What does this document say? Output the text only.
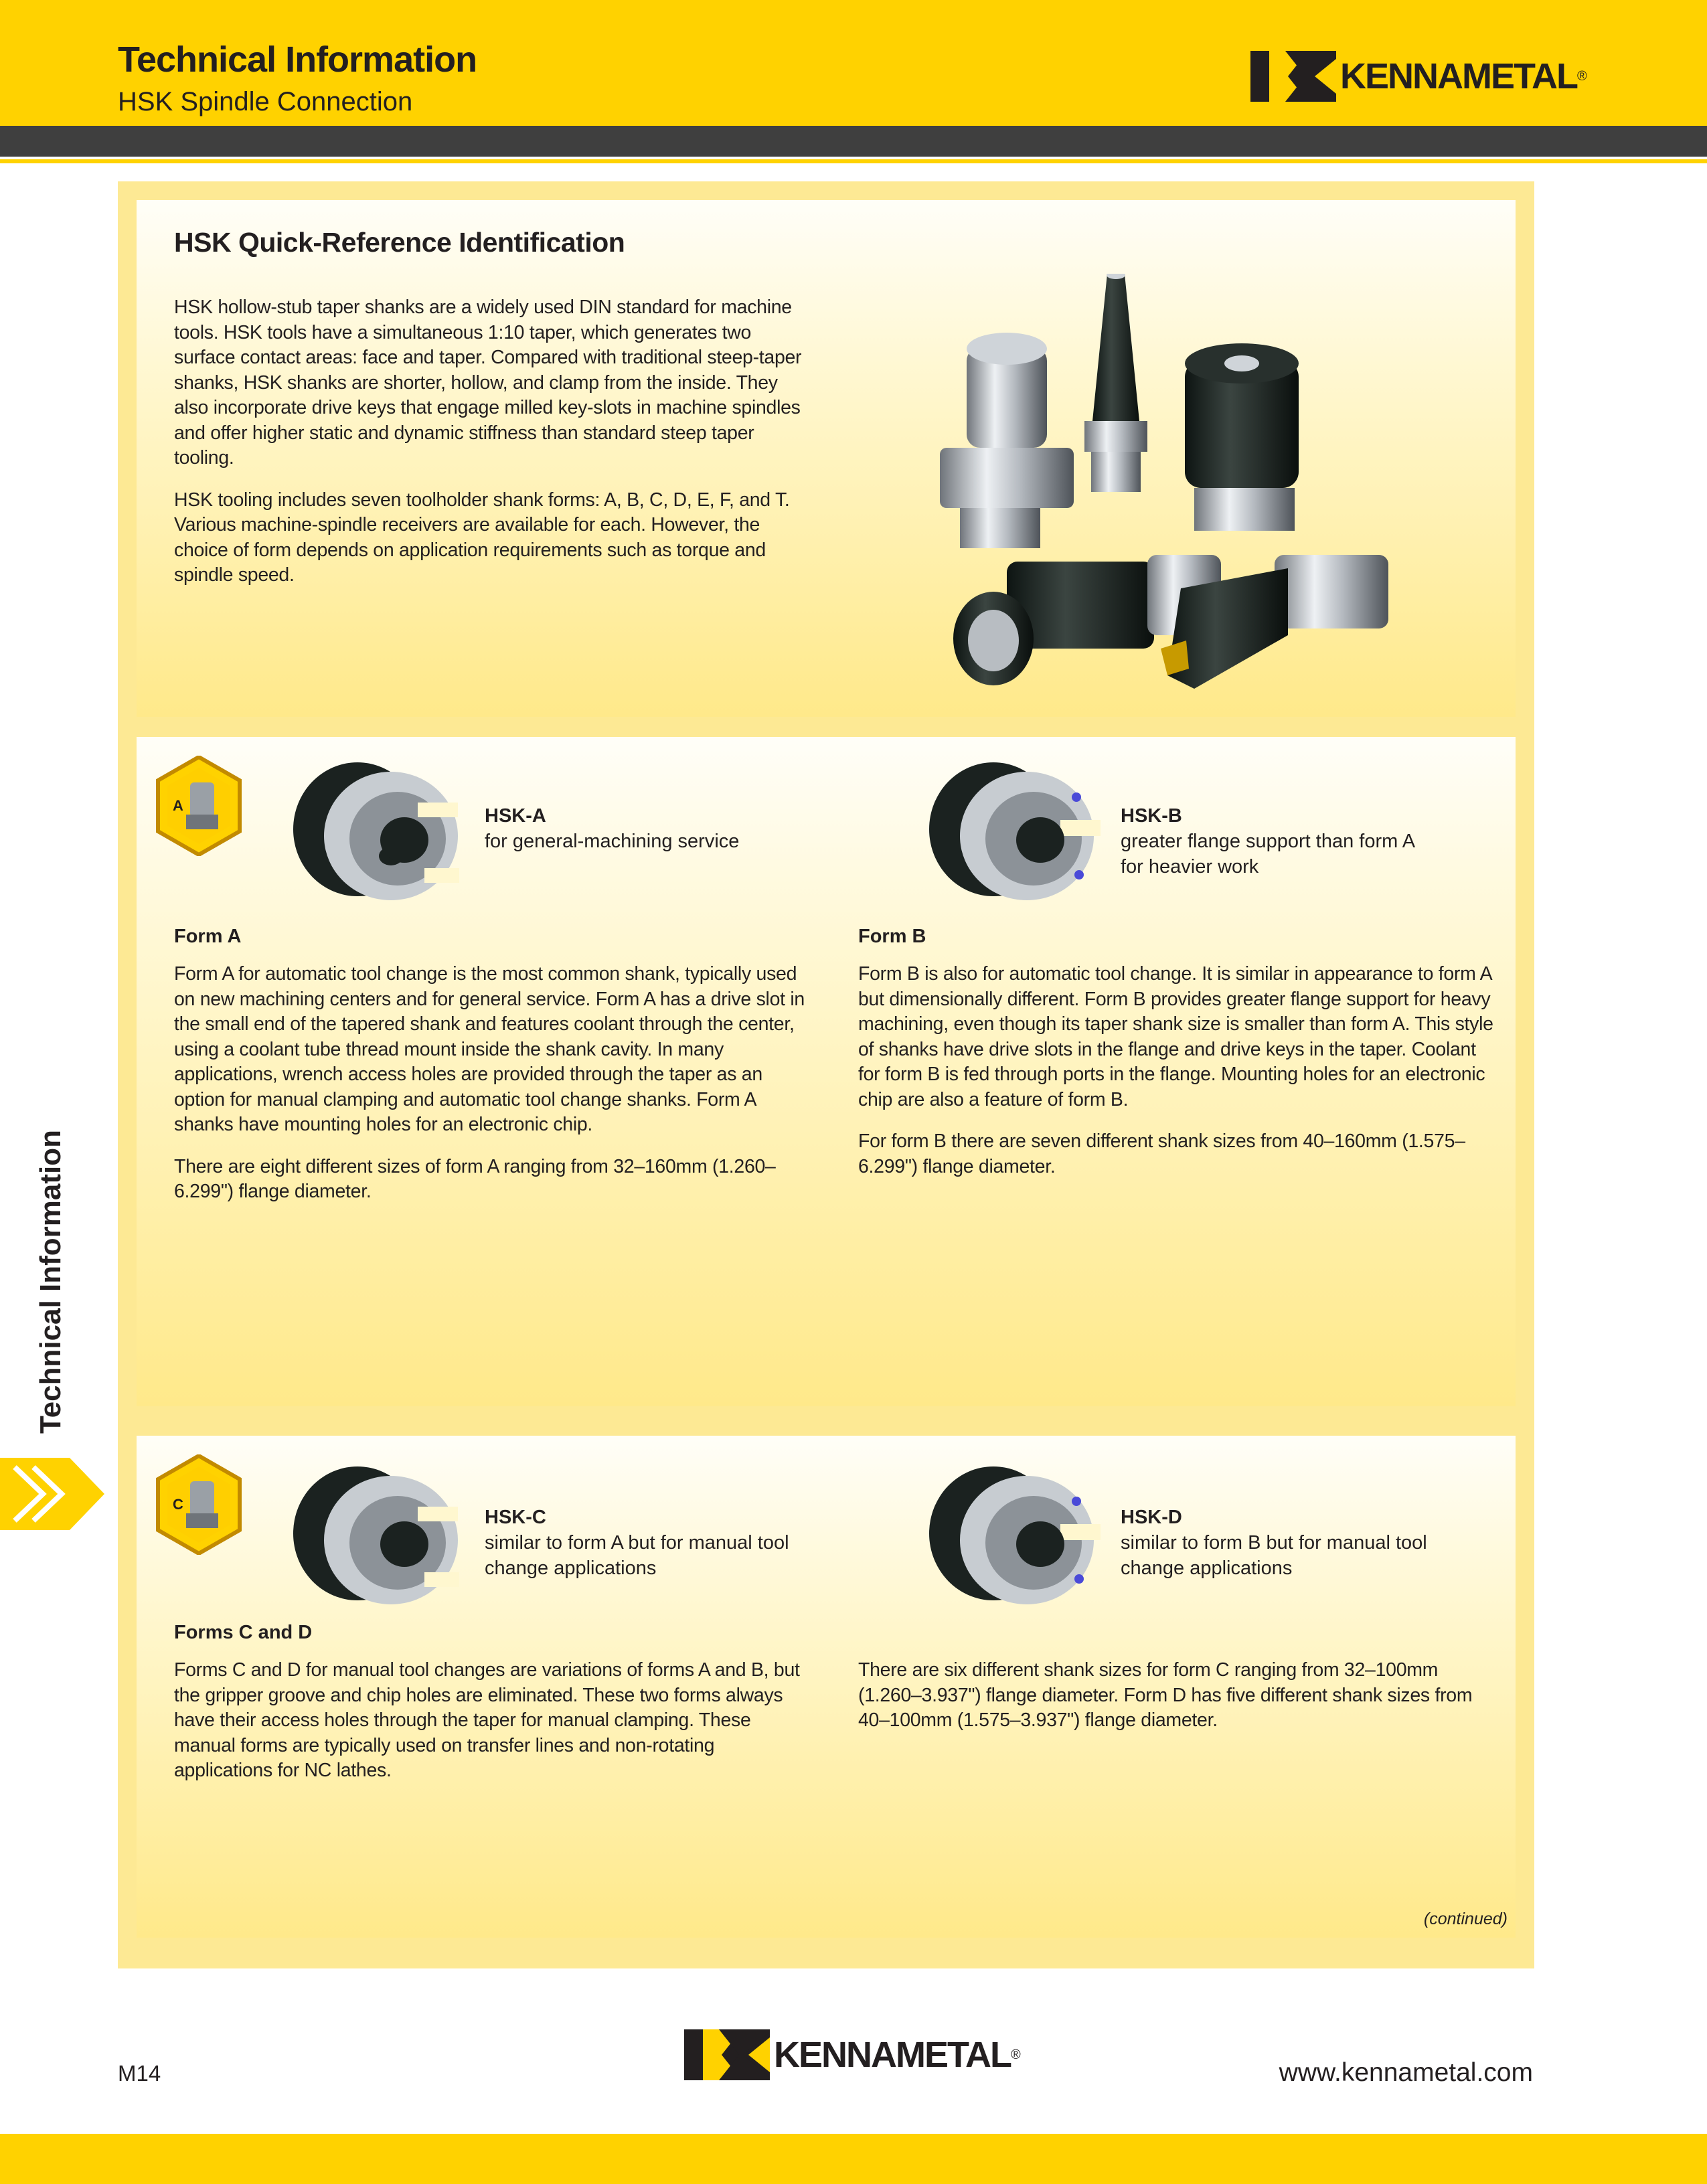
Technical Information
HSK Spindle Connection
KENNAMETAL ®
Technical Information
HSK Quick-Reference Identification

HSK hollow-stub taper shanks are a widely used DIN standard for machine tools. HSK tools have a simultaneous 1:10 taper, which generates two surface contact areas: face and taper. Compared with traditional steep-taper shanks, HSK shanks are shorter, hollow, and clamp from the inside. They also incorporate drive keys that engage milled key-slots in machine spindles and offer higher static and dynamic stiffness than standard steep taper tooling.

HSK tooling includes seven toolholder shank forms: A, B, C, D, E, F, and T. Various machine-spindle receivers are available for each. However, the choice of form depends on application requirements such as torque and spindle speed.

A	HSK-A
for general-machining service
HSK-B
greater flange support than form A
for heavier work
Form A

Form A for automatic tool change is the most common shank, typically used on new machining centers and for general service. Form A has a drive slot in the small end of the tapered shank and features coolant through the center, using a coolant tube thread mount inside the shank cavity. In many applications, wrench access holes are provided through the taper as an option for manual clamping and automatic tool change shanks. Form A shanks have mounting holes for an electronic chip.

There are eight different sizes of form A ranging from 32–160mm (1.260–6.299") flange diameter.

Form B

Form B is also for automatic tool change. It is similar in appearance to form A but dimensionally different. Form B provides greater flange support for heavy machining, even though its taper shank size is smaller than form A. This style of shanks have drive slots in the flange and drive keys in the taper. Coolant for form B is fed through ports in the flange. Mounting holes for an electronic chip are also a feature of form B.

For form B there are seven different shank sizes from 40–160mm (1.575–6.299") flange diameter.

C
HSK-C
similar to form A but for manual tool
change applications
HSK-D
similar to form B but for manual tool
change applications
Forms C and D

Forms C and D for manual tool changes are variations of forms A and B, but the gripper groove and chip holes are eliminated. These two forms always have their access holes through the taper for manual clamping. These manual forms are typically used on transfer lines and non-rotating applications for NC lathes.

There are six different shank sizes for form C ranging from 32–100mm (1.260–3.937") flange diameter. Form D has five different shank sizes from 40–100mm (1.575–3.937") flange diameter.

(continued)
M14	KENNAMETAL ®
www.kennametal.com
